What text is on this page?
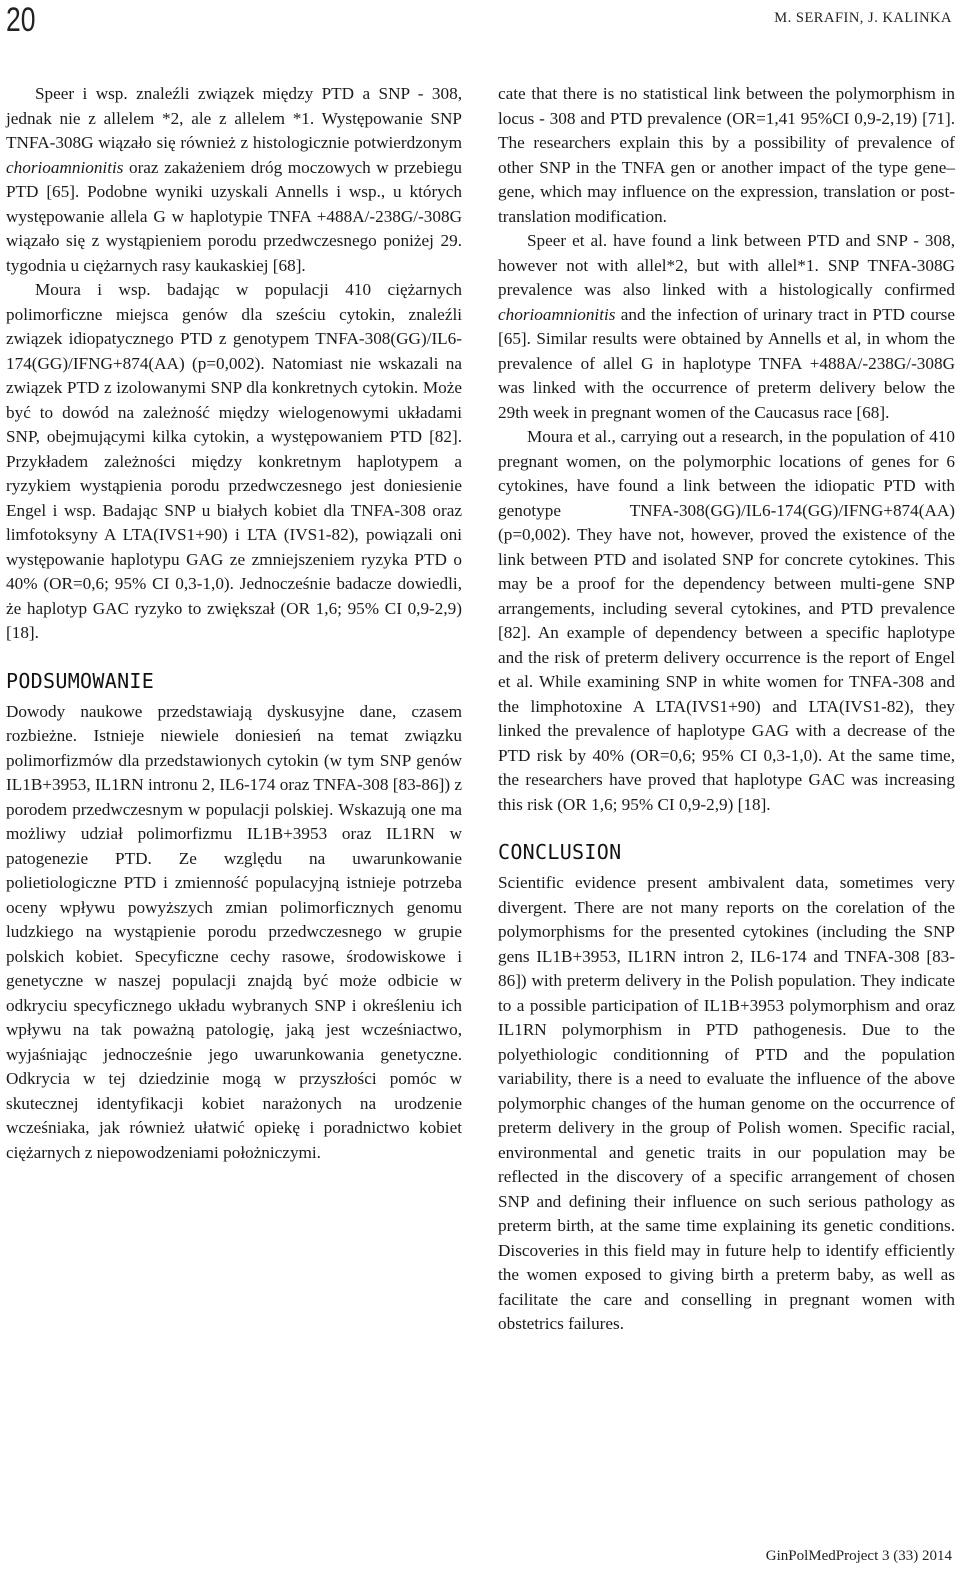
20	M. SERAFIN, J. KALINKA

Speer i wsp. znaleźli związek między PTD a SNP - 308, jednak nie z allelem *2, ale z allelem *1. Występowanie SNP TNFA-308G wiązało się również z histologicznie potwierdzonym chorioamnionitis oraz zakażeniem dróg moczowych w przebiegu PTD [65]. Podobne wyniki uzyskali Annells i wsp., u których występowanie allela G w haplotypie TNFA +488A/-238G/-308G wiązało się z wystąpieniem porodu przedwczesnego poniżej 29. tygodnia u ciężarnych rasy kaukaskiej [68].

Moura i wsp. badając w populacji 410 ciężarnych polimorficzne miejsca genów dla sześciu cytokin, znaleźli związek idiopatycznego PTD z genotypem TNFA-308(GG)/IL6-174(GG)/IFNG+874(AA) (p=0,002). Natomiast nie wskazali na związek PTD z izolowanymi SNP dla konkretnych cytokin. Może być to dowód na zależność między wielogenowymi układami SNP, obejmującymi kilka cytokin, a występowaniem PTD [82]. Przykładem zależności między konkretnym haplotypem a ryzykiem wystąpienia porodu przedwczesnego jest doniesienie Engel i wsp. Badając SNP u białych kobiet dla TNFA-308 oraz limfotoksyny A LTA(IVS1+90) i LTA (IVS1-82), powiązali oni występowanie haplotypu GAG ze zmniejszeniem ryzyka PTD o 40% (OR=0,6; 95% CI 0,3-1,0). Jednocześnie badacze dowiedli, że haplotyp GAC ryzyko to zwiększał (OR 1,6; 95% CI 0,9-2,9) [18].

PODSUMOWANIE

Dowody naukowe przedstawiają dyskusyjne dane, czasem rozbieżne. Istnieje niewiele doniesień na temat związku polimorfizmów dla przedstawionych cytokin (w tym SNP genów IL1B+3953, IL1RN intronu 2, IL6-174 oraz TNFA-308 [83-86]) z porodem przedwczesnym w populacji polskiej. Wskazują one ma możliwy udział polimorfizmu IL1B+3953 oraz IL1RN w patogenezie PTD. Ze względu na uwarunkowanie polietiologiczne PTD i zmienność populacyjną istnieje potrzeba oceny wpływu powyższych zmian polimorficznych genomu ludzkiego na wystąpienie porodu przedwczesnego w grupie polskich kobiet. Specyficzne cechy rasowe, środowiskowe i genetyczne w naszej populacji znajdą być może odbicie w odkryciu specyficznego układu wybranych SNP i określeniu ich wpływu na tak poważną patologię, jaką jest wcześniactwo, wyjaśniając jednocześnie jego uwarunkowania genetyczne. Odkrycia w tej dziedzinie mogą w przyszłości pomóc w skutecznej identyfikacji kobiet narażonych na urodzenie wcześniaka, jak również ułatwić opiekę i poradnictwo kobiet ciężarnych z niepowodzeniami położniczymi.

cate that there is no statistical link between the polymorphism in locus - 308 and PTD prevalence (OR=1,41 95%CI 0,9-2,19) [71]. The researchers explain this by a possibility of prevalence of other SNP in the TNFA gen or another impact of the type gene–gene, which may influence on the expression, translation or post-translation modification.

Speer et al. have found a link between PTD and SNP - 308, however not with allel*2, but with allel*1. SNP TNFA-308G prevalence was also linked with a histologically confirmed chorioamnionitis and the infection of urinary tract in PTD course [65]. Similar results were obtained by Annells et al, in whom the prevalence of allel G in haplotype TNFA +488A/-238G/-308G was linked with the occurrence of preterm delivery below the 29th week in pregnant women of the Caucasus race [68].

Moura et al., carrying out a research, in the population of 410 pregnant women, on the polymorphic locations of genes for 6 cytokines, have found a link between the idiopatic PTD with genotype TNFA-308(GG)/IL6-174(GG)/IFNG+874(AA) (p=0,002). They have not, however, proved the existence of the link between PTD and isolated SNP for concrete cytokines. This may be a proof for the dependency between multi-gene SNP arrangements, including several cytokines, and PTD prevalence [82]. An example of dependency between a specific haplotype and the risk of preterm delivery occurrence is the report of Engel et al. While examining SNP in white women for TNFA-308 and the limphotoxine A LTA(IVS1+90) and LTA(IVS1-82), they linked the prevalence of haplotype GAG with a decrease of the PTD risk by 40% (OR=0,6; 95% CI 0,3-1,0). At the same time, the researchers have proved that haplotype GAC was increasing this risk (OR 1,6; 95% CI 0,9-2,9) [18].

CONCLUSION

Scientific evidence present ambivalent data, sometimes very divergent. There are not many reports on the corelation of the polymorphisms for the presented cytokines (including the SNP gens IL1B+3953, IL1RN intron 2, IL6-174 and TNFA-308 [83-86]) with preterm delivery in the Polish population. They indicate to a possible participation of IL1B+3953 polymorphism and oraz IL1RN polymorphism in PTD pathogenesis. Due to the polyethiologic conditionning of PTD and the population variability, there is a need to evaluate the influence of the above polymorphic changes of the human genome on the occurrence of preterm delivery in the group of Polish women. Specific racial, environmental and genetic traits in our population may be reflected in the discovery of a specific arrangement of chosen SNP and defining their influence on such serious pathology as preterm birth, at the same time explaining its genetic conditions. Discoveries in this field may in future help to identify efficiently the women exposed to giving birth a preterm baby, as well as facilitate the care and conselling in pregnant women with obstetrics failures.

GinPolMedProject 3 (33) 2014
